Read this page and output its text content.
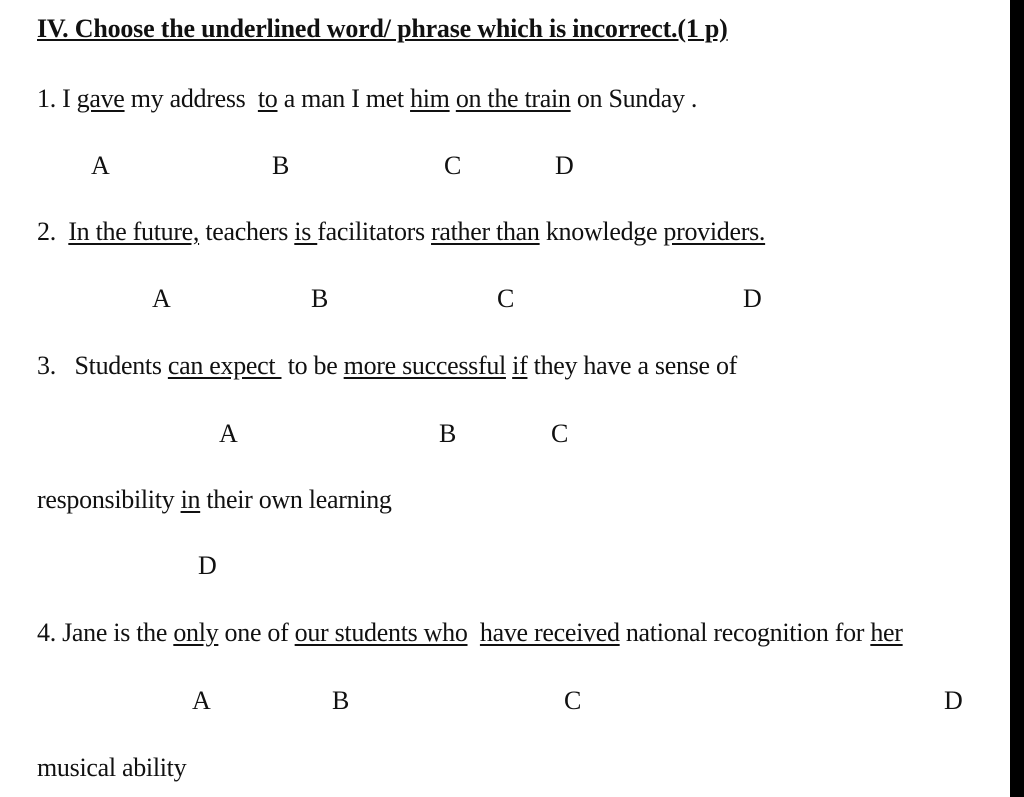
IV. Choose the underlined word/ phrase which is incorrect.(1 p)
1. I gave my address  to a man I met him on the train on Sunday .
A	B	C	D
2.  In the future, teachers is facilitators rather than knowledge providers.
A	B	C	D
3.   Students can expect  to be more successful if they have a sense of
A	B	C
responsibility in their own learning
D
4. Jane is the only one of our students who have received national recognition for her
A	B	C	D
musical ability
